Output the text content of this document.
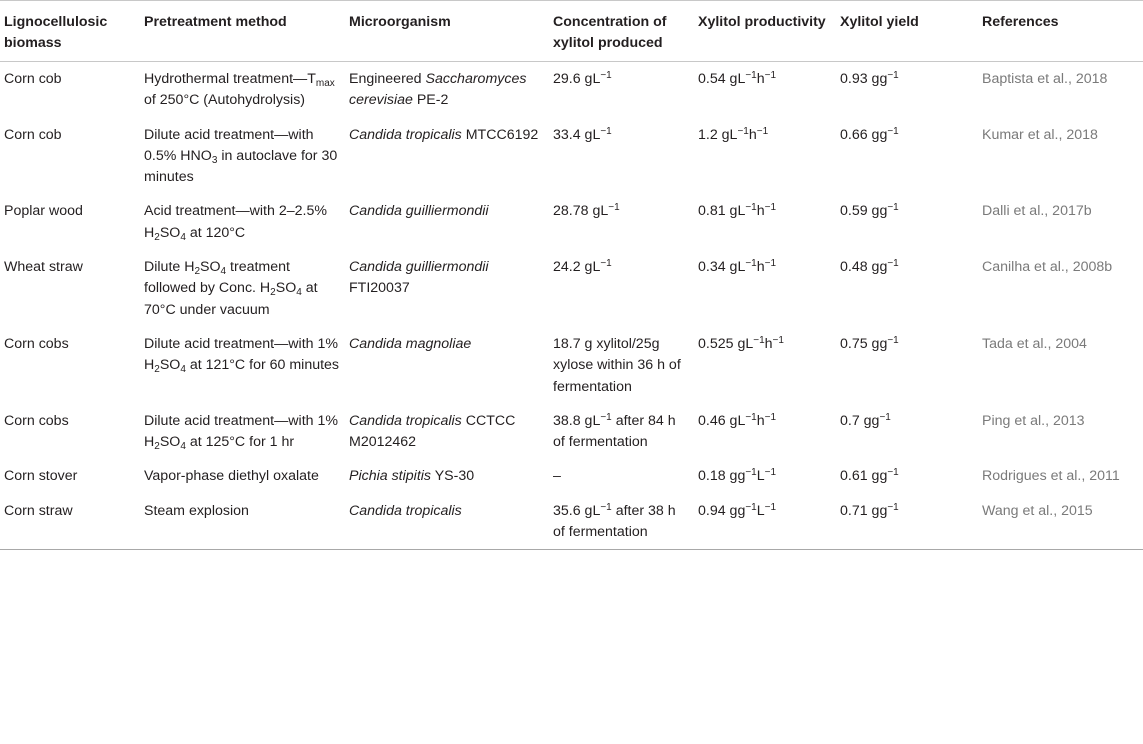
Lignocellulosic biomass	Pretreatment method	Microorganism	Concentration of xylitol produced	Xylitol productivity	Xylitol yield	References
Corn cob	Hydrothermal $treatment—T_{max}$ of 250°C (Autohydrolysis)	Engineered Saccharomyces cerevisiae PE-2	29.6 $gL^{-1}$	0.54 $gL^{-1}h^{-1}$	0.93 $gg^{-1}$	Baptista et al., 2018
Corn cob	Dilute acid treatment—with 0.5% $HNO_3$ in autoclave for 30 minutes	Candida tropicalis MTCC6192	33.4 $gL^{-1}$	1.2 $gL^{-1}h^{-1}$	0.66 $gg^{-1}$	Kumar et al., 2018
Poplar wood	Acid treatment—with 2–2.5% $H_2SO_4$ at 120°C	Candida guilliermondii	28.78 $gL^{-1}$	0.81 $gL^{-1}h^{-1}$	0.59 $gg^{-1}$	Dalli et al., 2017b
Wheat straw	Dilute $H_2SO_4$ treatment followed by Conc. $H_2SO_4$ at 70°C under vacuum	Candida guilliermondii FTI20037	24.2 $gL^{-1}$	0.34 $gL^{-1}h^{-1}$	0.48 $gg^{-1}$	Canilha et al., 2008b
Corn cobs	Dilute acid treatment—with 1% $H_2SO_4$ at 121°C for 60 minutes	Candida magnoliae	18.7 g xylitol/25g xylose within 36 h of fermentation	0.525 $gL^{-1}h^{-1}$	0.75 $gg^{-1}$	Tada et al., 2004
Corn cobs	Dilute acid treatment—with 1% $H_2SO_4$ at 125°C for 1 hr	Candida tropicalis CCTCC M2012462	38.8 $gL^{-1}$ after 84 h of fermentation	0.46 $gL^{-1}h^{-1}$	0.7 $gg^{-1}$	Ping et al., 2013
Corn stover	Vapor-phase diethyl oxalate	Pichia stipitis YS-30	–	0.18 $gg^{-1}L^{-1}$	0.61 $gg^{-1}$	Rodrigues et al., 2011
Corn straw	Steam explosion	Candida tropicalis	35.6 $gL^{-1}$ after 38 h of fermentation	0.94 $gg^{-1}L^{-1}$	0.71 $gg^{-1}$	Wang et al., 2015
